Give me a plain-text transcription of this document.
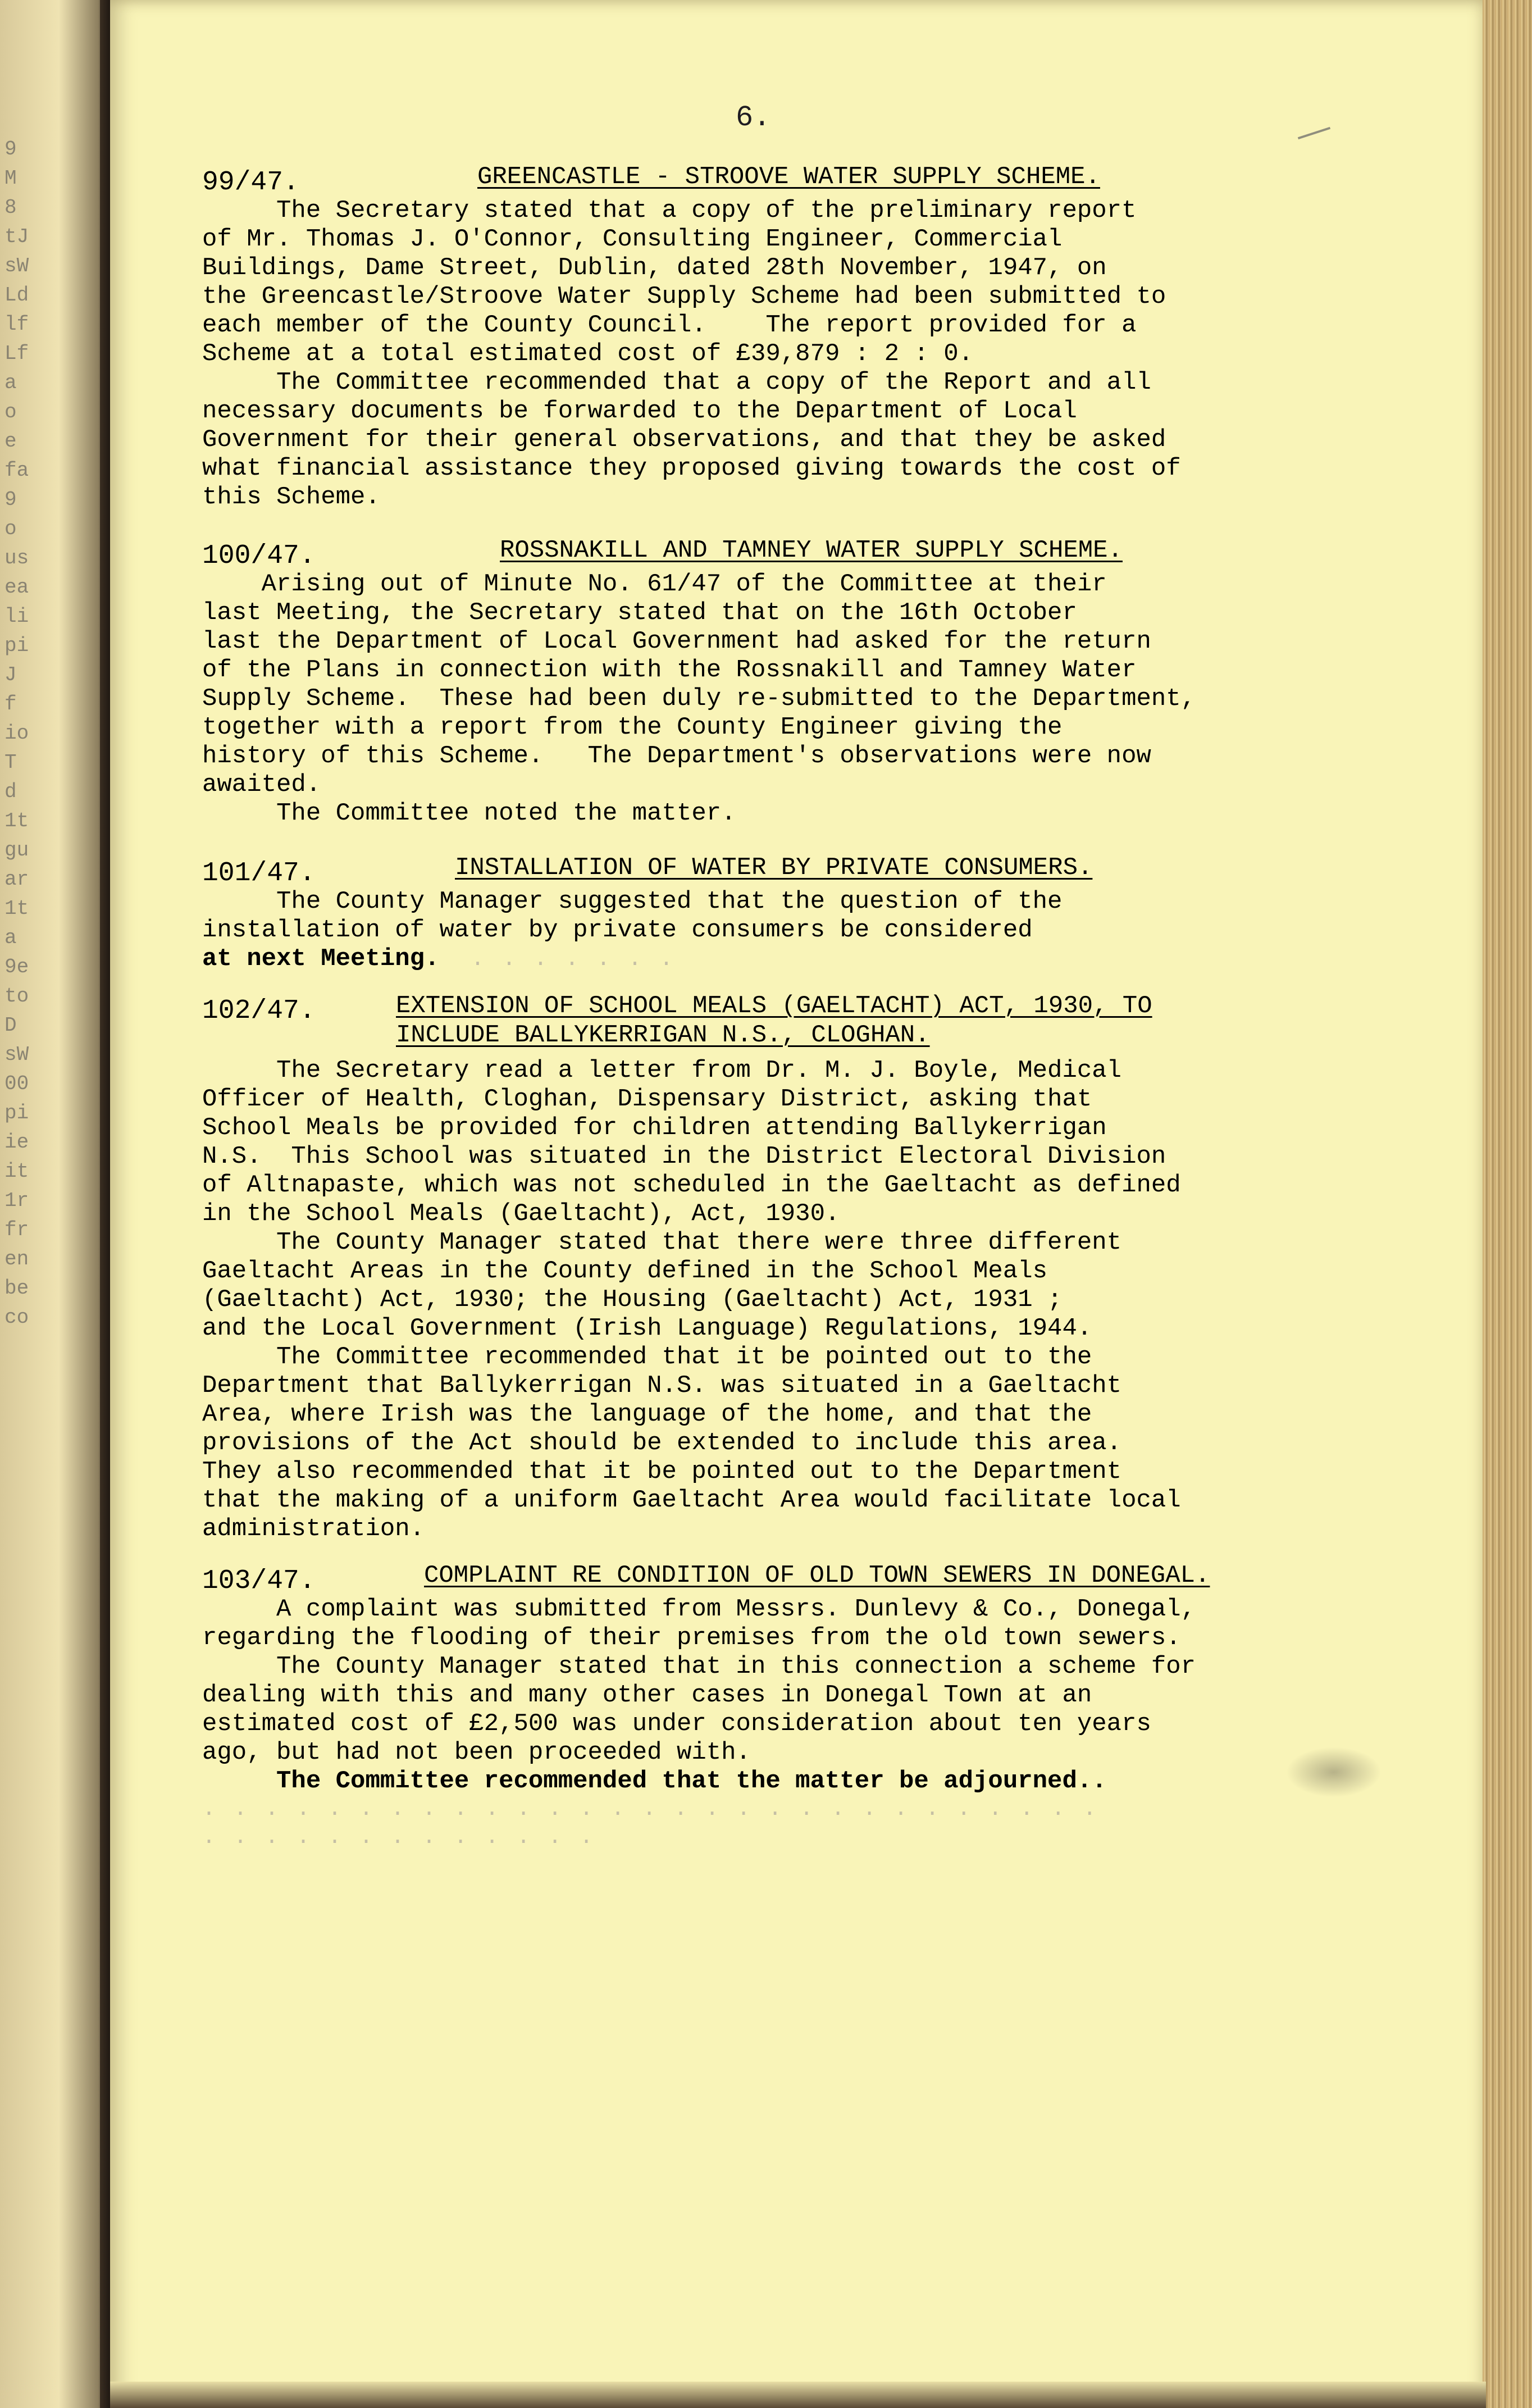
9
M
8
tJ
sW
Ld
lf
Lf
a
o
e
fa
9
o
us
ea
li
pi
J
f
io
T
d
1t
gu
ar
1t
a
9e
to
D
sW
00
pi
ie
it
1r
fr
en
be
co
6.
99/47.	GREENCASTLE - STROOVE WATER SUPPLY SCHEME.
The Secretary stated that a copy of the preliminary report
of Mr. Thomas J. O'Connor, Consulting Engineer, Commercial
Buildings, Dame Street, Dublin, dated 28th November, 1947, on
the Greencastle/Stroove Water Supply Scheme had been submitted to
each member of the County Council.    The report provided for a
Scheme at a total estimated cost of £39,879 : 2 : 0.
The Committee recommended that a copy of the Report and all
necessary documents be forwarded to the Department of Local
Government for their general observations, and that they be asked
what financial assistance they proposed giving towards the cost of
this Scheme.
100/47.	ROSSNAKILL AND TAMNEY WATER SUPPLY SCHEME.
Arising out of Minute No. 61/47 of the Committee at their
last Meeting, the Secretary stated that on the 16th October
last the Department of Local Government had asked for the return
of the Plans in connection with the Rossnakill and Tamney Water
Supply Scheme.  These had been duly re-submitted to the Department,
together with a report from the County Engineer giving the
history of this Scheme.   The Department's observations were now
awaited.
The Committee noted the matter.
101/47.	INSTALLATION OF WATER BY PRIVATE CONSUMERS.
The County Manager suggested that the question of the
installation of water by private consumers be considered
at next Meeting.  . . . . . . .
102/47.	EXTENSION OF SCHOOL MEALS (GAELTACHT) ACT, 1930, TO
INCLUDE BALLYKERRIGAN N.S., CLOGHAN.
The Secretary read a letter from Dr. M. J. Boyle, Medical
Officer of Health, Cloghan, Dispensary District, asking that
School Meals be provided for children attending Ballykerrigan
N.S.  This School was situated in the District Electoral Division
of Altnapaste, which was not scheduled in the Gaeltacht as defined
in the School Meals (Gaeltacht), Act, 1930.
The County Manager stated that there were three different
Gaeltacht Areas in the County defined in the School Meals
(Gaeltacht) Act, 1930; the Housing (Gaeltacht) Act, 1931 ;
and the Local Government (Irish Language) Regulations, 1944.
The Committee recommended that it be pointed out to the
Department that Ballykerrigan N.S. was situated in a Gaeltacht
Area, where Irish was the language of the home, and that the
provisions of the Act should be extended to include this area.
They also recommended that it be pointed out to the Department
that the making of a uniform Gaeltacht Area would facilitate local
administration.
103/47.	COMPLAINT RE CONDITION OF OLD TOWN SEWERS IN DONEGAL.
A complaint was submitted from Messrs. Dunlevy & Co., Donegal,
regarding the flooding of their premises from the old town sewers.
The County Manager stated that in this connection a scheme for
dealing with this and many other cases in Donegal Town at an
estimated cost of £2,500 was under consideration about ten years
ago, but had not been proceeded with.
The Committee recommended that the matter be adjourned..
. . . . . . . . . . . . . . . . . . . . . . . . . . . . .
. . . . . . . . . . . . .
